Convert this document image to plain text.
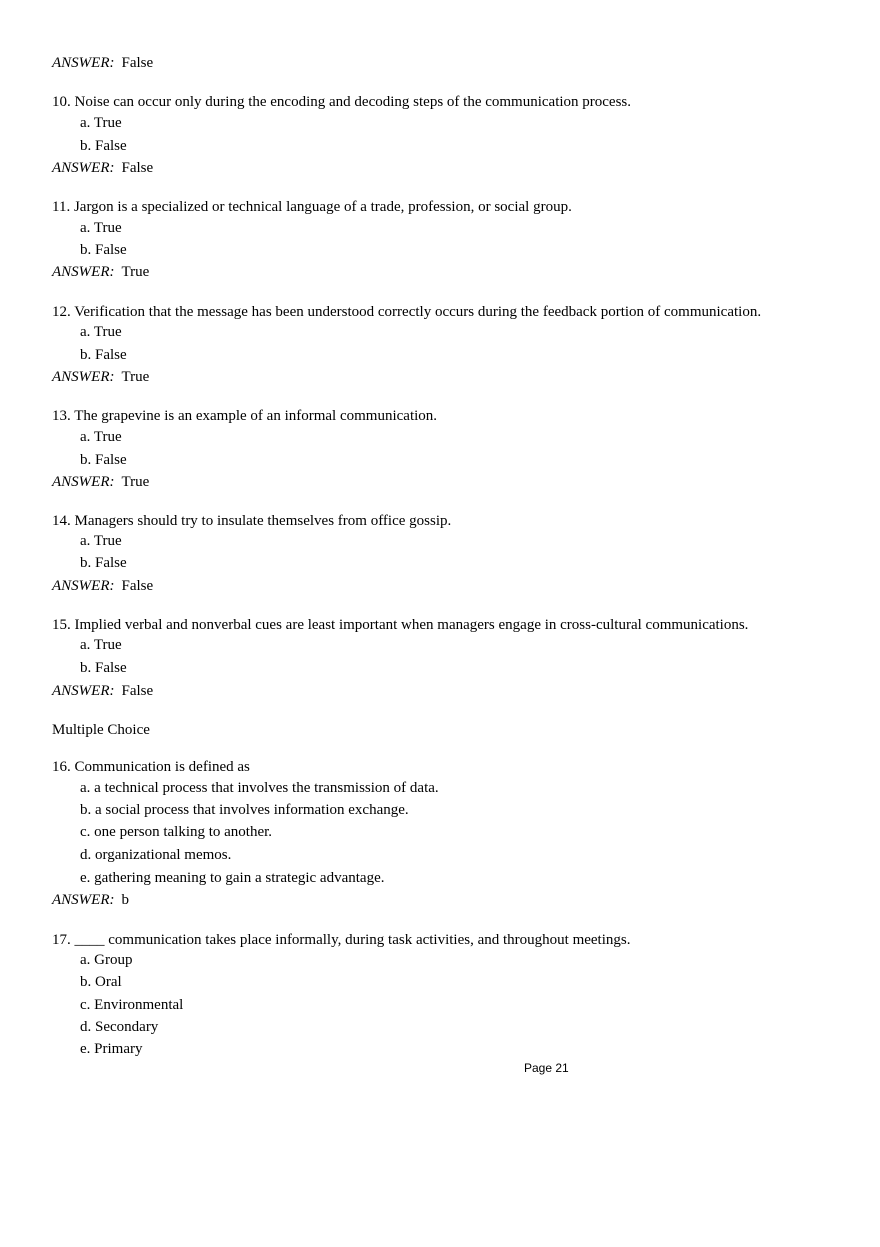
ANSWER: False
10. Noise can occur only during the encoding and decoding steps of the communication process.
a. True
b. False
ANSWER: False
11. Jargon is a specialized or technical language of a trade, profession, or social group.
a. True
b. False
ANSWER: True
12. Verification that the message has been understood correctly occurs during the feedback portion of communication.
a. True
b. False
ANSWER: True
13. The grapevine is an example of an informal communication.
a. True
b. False
ANSWER: True
14. Managers should try to insulate themselves from office gossip.
a. True
b. False
ANSWER: False
15. Implied verbal and nonverbal cues are least important when managers engage in cross-cultural communications.
a. True
b. False
ANSWER: False
Multiple Choice
16. Communication is defined as
a. a technical process that involves the transmission of data.
b. a social process that involves information exchange.
c. one person talking to another.
d. organizational memos.
e. gathering meaning to gain a strategic advantage.
ANSWER: b
17. ____ communication takes place informally, during task activities, and throughout meetings.
a. Group
b. Oral
c. Environmental
d. Secondary
e. Primary
Page 21
